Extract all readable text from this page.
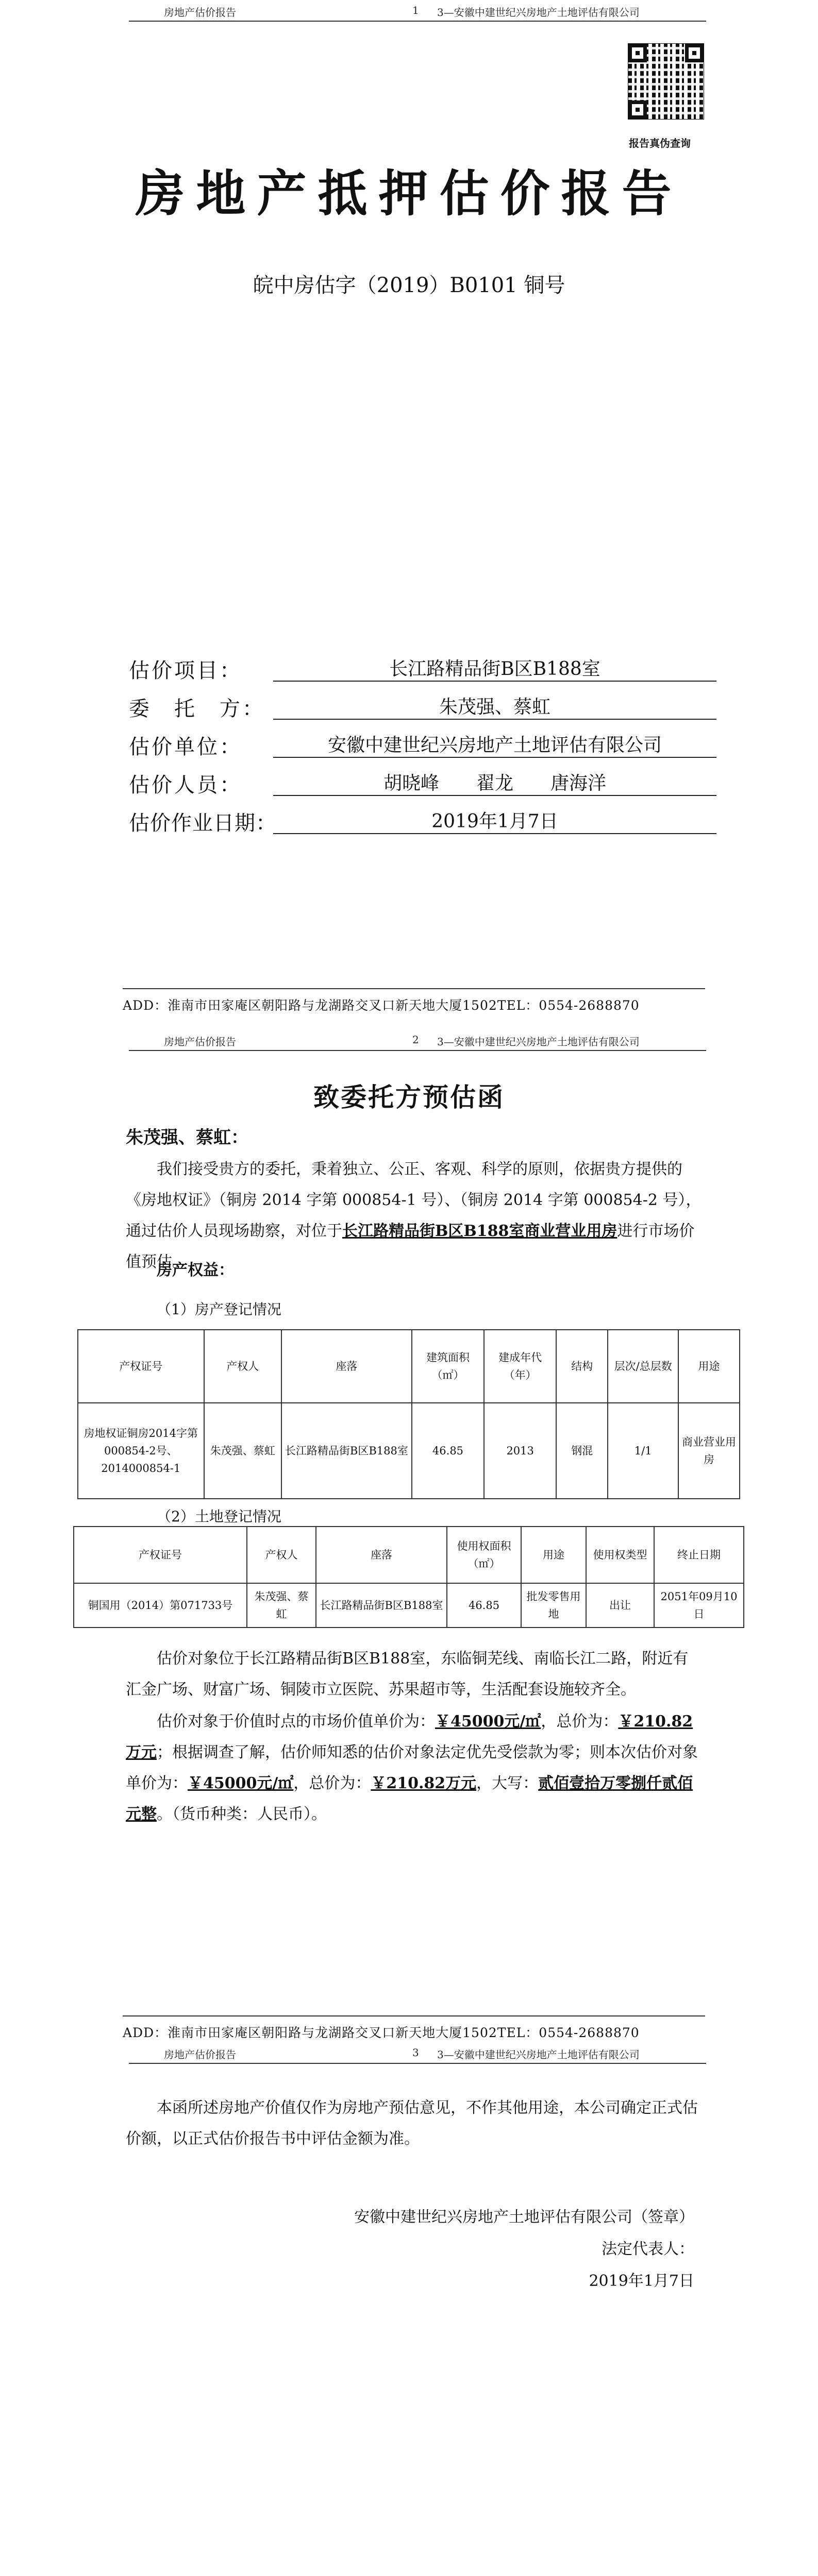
房地产估价报告	1 3—安徽中建世纪兴房地产土地评估有限公司
报告真伪查询
房地产抵押估价报告
皖中房估字（2019）B0101 铜号
估价项目：	长江路精品街B区B188室
委　托　方：	朱茂强、蔡虹
估价单位：	安徽中建世纪兴房地产土地评估有限公司
估价人员：	胡晓峰　　翟龙　　唐海洋
估价作业日期：	2019年1月7日
ADD：淮南市田家庵区朝阳路与龙湖路交叉口新天地大厦1502TEL：0554-2688870
房地产估价报告	2 3—安徽中建世纪兴房地产土地评估有限公司
致委托方预估函
朱茂强、蔡虹：
我们接受贵方的委托，秉着独立、公正、客观、科学的原则，依据贵方提供的《房地权证》（铜房 2014 字第 000854-1 号）、（铜房 2014 字第 000854-2 号），通过估价人员现场勘察，对位于长江路精品街B区B188室商业营业用房进行市场价值预估。
房产权益：
（1）房产登记情况
产权证号	产权人	座落	建筑面积（㎡）	建成年代（年）	结构	层次/总层数	用途
房地权证铜房2014字第000854-2号、2014000854-1	朱茂强、蔡虹	长江路精品街B区B188室	46.85	2013	钢混	1/1	商业营业用房
（2）土地登记情况
产权证号	产权人	座落	使用权面积（㎡）	用途	使用权类型	终止日期
铜国用（2014）第071733号	朱茂强、蔡虹	长江路精品街B区B188室	46.85	批发零售用地	出让	2051年09月10日
估价对象位于长江路精品街B区B188室，东临铜芜线、南临长江二路，附近有汇金广场、财富广场、铜陵市立医院、苏果超市等，生活配套设施较齐全。
估价对象于价值时点的市场价值单价为：￥45000元/㎡，总价为：￥210.82万元；根据调查了解，估价师知悉的估价对象法定优先受偿款为零；则本次估价对象单价为：￥45000元/㎡，总价为：￥210.82万元，大写：贰佰壹拾万零捌仟贰佰元整。（货币种类：人民币）。
ADD：淮南市田家庵区朝阳路与龙湖路交叉口新天地大厦1502TEL：0554-2688870
房地产估价报告	3 3—安徽中建世纪兴房地产土地评估有限公司
本函所述房地产价值仅作为房地产预估意见，不作其他用途，本公司确定正式估价额，以正式估价报告书中评估金额为准。
安徽中建世纪兴房地产土地评估有限公司（签章）
法定代表人：
2019年1月7日
